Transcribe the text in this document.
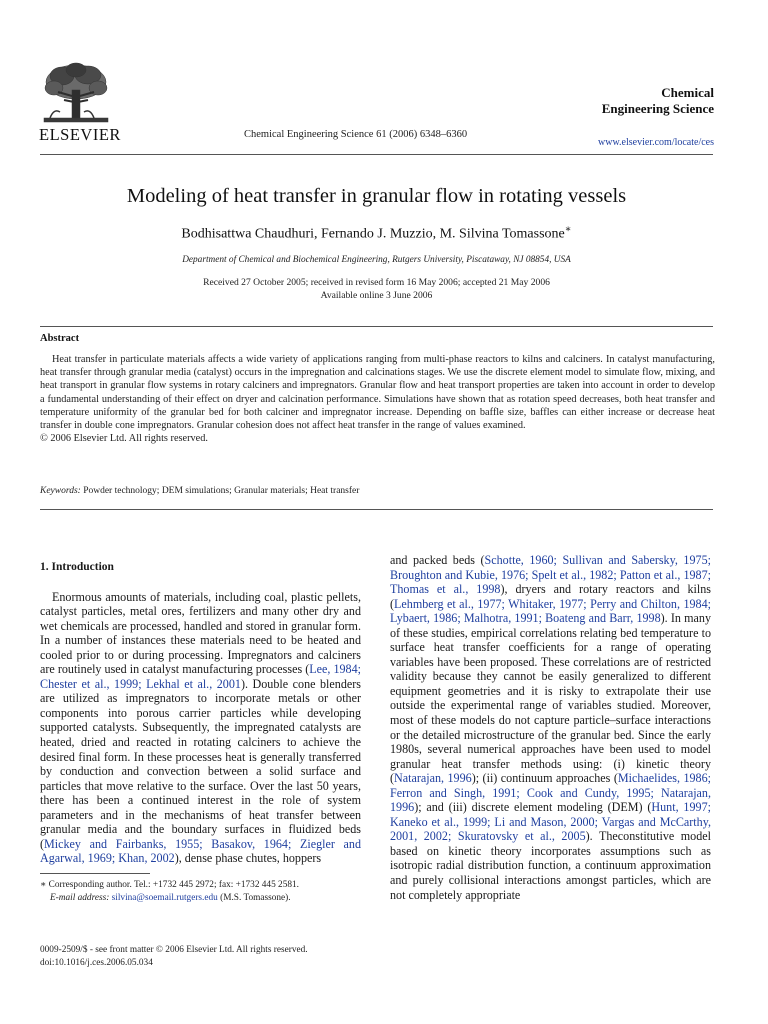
ELSEVIER	Chemical Engineering Science 61 (2006) 6348–6360
Chemical
Engineering Science
www.elsevier.com/locate/ces
Modeling of heat transfer in granular flow in rotating vessels
Bodhisattwa Chaudhuri, Fernando J. Muzzio, M. Silvina Tomassone∗
Department of Chemical and Biochemical Engineering, Rutgers University, Piscataway, NJ 08854, USA
Received 27 October 2005; received in revised form 16 May 2006; accepted 21 May 2006
Available online 3 June 2006
Abstract

Heat transfer in particulate materials affects a wide variety of applications ranging from multi-phase reactors to kilns and calciners. In catalyst manufacturing, heat transfer through granular media (catalyst) occurs in the impregnation and calcinations stages. We use the discrete element model to simulate flow, mixing, and heat transport in granular flow systems in rotary calciners and impregnators. Granular flow and heat transport properties are taken into account in order to develop a fundamental understanding of their effect on dryer and calcination performance. Simulations have shown that as rotation speed decreases, both heat transfer and temperature uniformity of the granular bed for both calciner and impregnator increase. Depending on baffle size, baffles can either increase or decrease heat transfer in double cone impregnators. Granular cohesion does not affect heat transfer in the range of values examined.

© 2006 Elsevier Ltd. All rights reserved.

Keywords: Powder technology; DEM simulations; Granular materials; Heat transfer
1. Introduction

Enormous amounts of materials, including coal, plastic pellets, catalyst particles, metal ores, fertilizers and many other dry and wet chemicals are processed, handled and stored in granular form. In a number of instances these materials need to be heated and cooled prior to or during processing. Impregnators and calciners are routinely used in catalyst manufacturing processes (Lee, 1984; Chester et al., 1999; Lekhal et al., 2001). Double cone blenders are utilized as impregnators to incorporate metals or other components into porous carrier particles while developing supported catalysts. Subsequently, the impregnated catalysts are heated, dried and reacted in rotating calciners to achieve the desired final form. In these processes heat is generally transferred by conduction and convection between a solid surface and particles that move relative to the surface. Over the last 50 years, there has been a continued interest in the role of system parameters and in the mechanisms of heat transfer between granular media and the boundary surfaces in fluidized beds (Mickey and Fairbanks, 1955; Basakov, 1964; Ziegler and Agarwal, 1969; Khan, 2002), dense phase chutes, hoppers

and packed beds (Schotte, 1960; Sullivan and Sabersky, 1975; Broughton and Kubie, 1976; Spelt et al., 1982; Patton et al., 1987; Thomas et al., 1998), dryers and rotary reactors and kilns (Lehmberg et al., 1977; Whitaker, 1977; Perry and Chilton, 1984; Lybaert, 1986; Malhotra, 1991; Boateng and Barr, 1998). In many of these studies, empirical correlations relating bed temperature to surface heat transfer coefficients for a range of operating variables have been proposed. These correlations are of restricted validity because they cannot be easily generalized to different equipment geometries and it is risky to extrapolate their use outside the experimental range of variables studied. Moreover, most of these models do not capture particle–surface interactions or the detailed microstructure of the granular bed. Since the early 1980s, several numerical approaches have been used to model granular heat transfer methods using: (i) kinetic theory (Natarajan, 1996); (ii) continuum approaches (Michaelides, 1986; Ferron and Singh, 1991; Cook and Cundy, 1995; Natarajan, 1996); and (iii) discrete element modeling (DEM) (Hunt, 1997; Kaneko et al., 1999; Li and Mason, 2000; Vargas and McCarthy, 2001, 2002; Skuratovsky et al., 2005). Theconstitutive model based on kinetic theory incorporates assumptions such as isotropic radial distribution function, a continuum approximation and purely collisional interactions amongst particles, which are not completely appropriate

∗ Corresponding author. Tel.: +1732 445 2972; fax: +1732 445 2581.
E-mail address: silvina@soemail.rutgers.edu (M.S. Tomassone).
0009-2509/$ - see front matter © 2006 Elsevier Ltd. All rights reserved.
doi:10.1016/j.ces.2006.05.034
